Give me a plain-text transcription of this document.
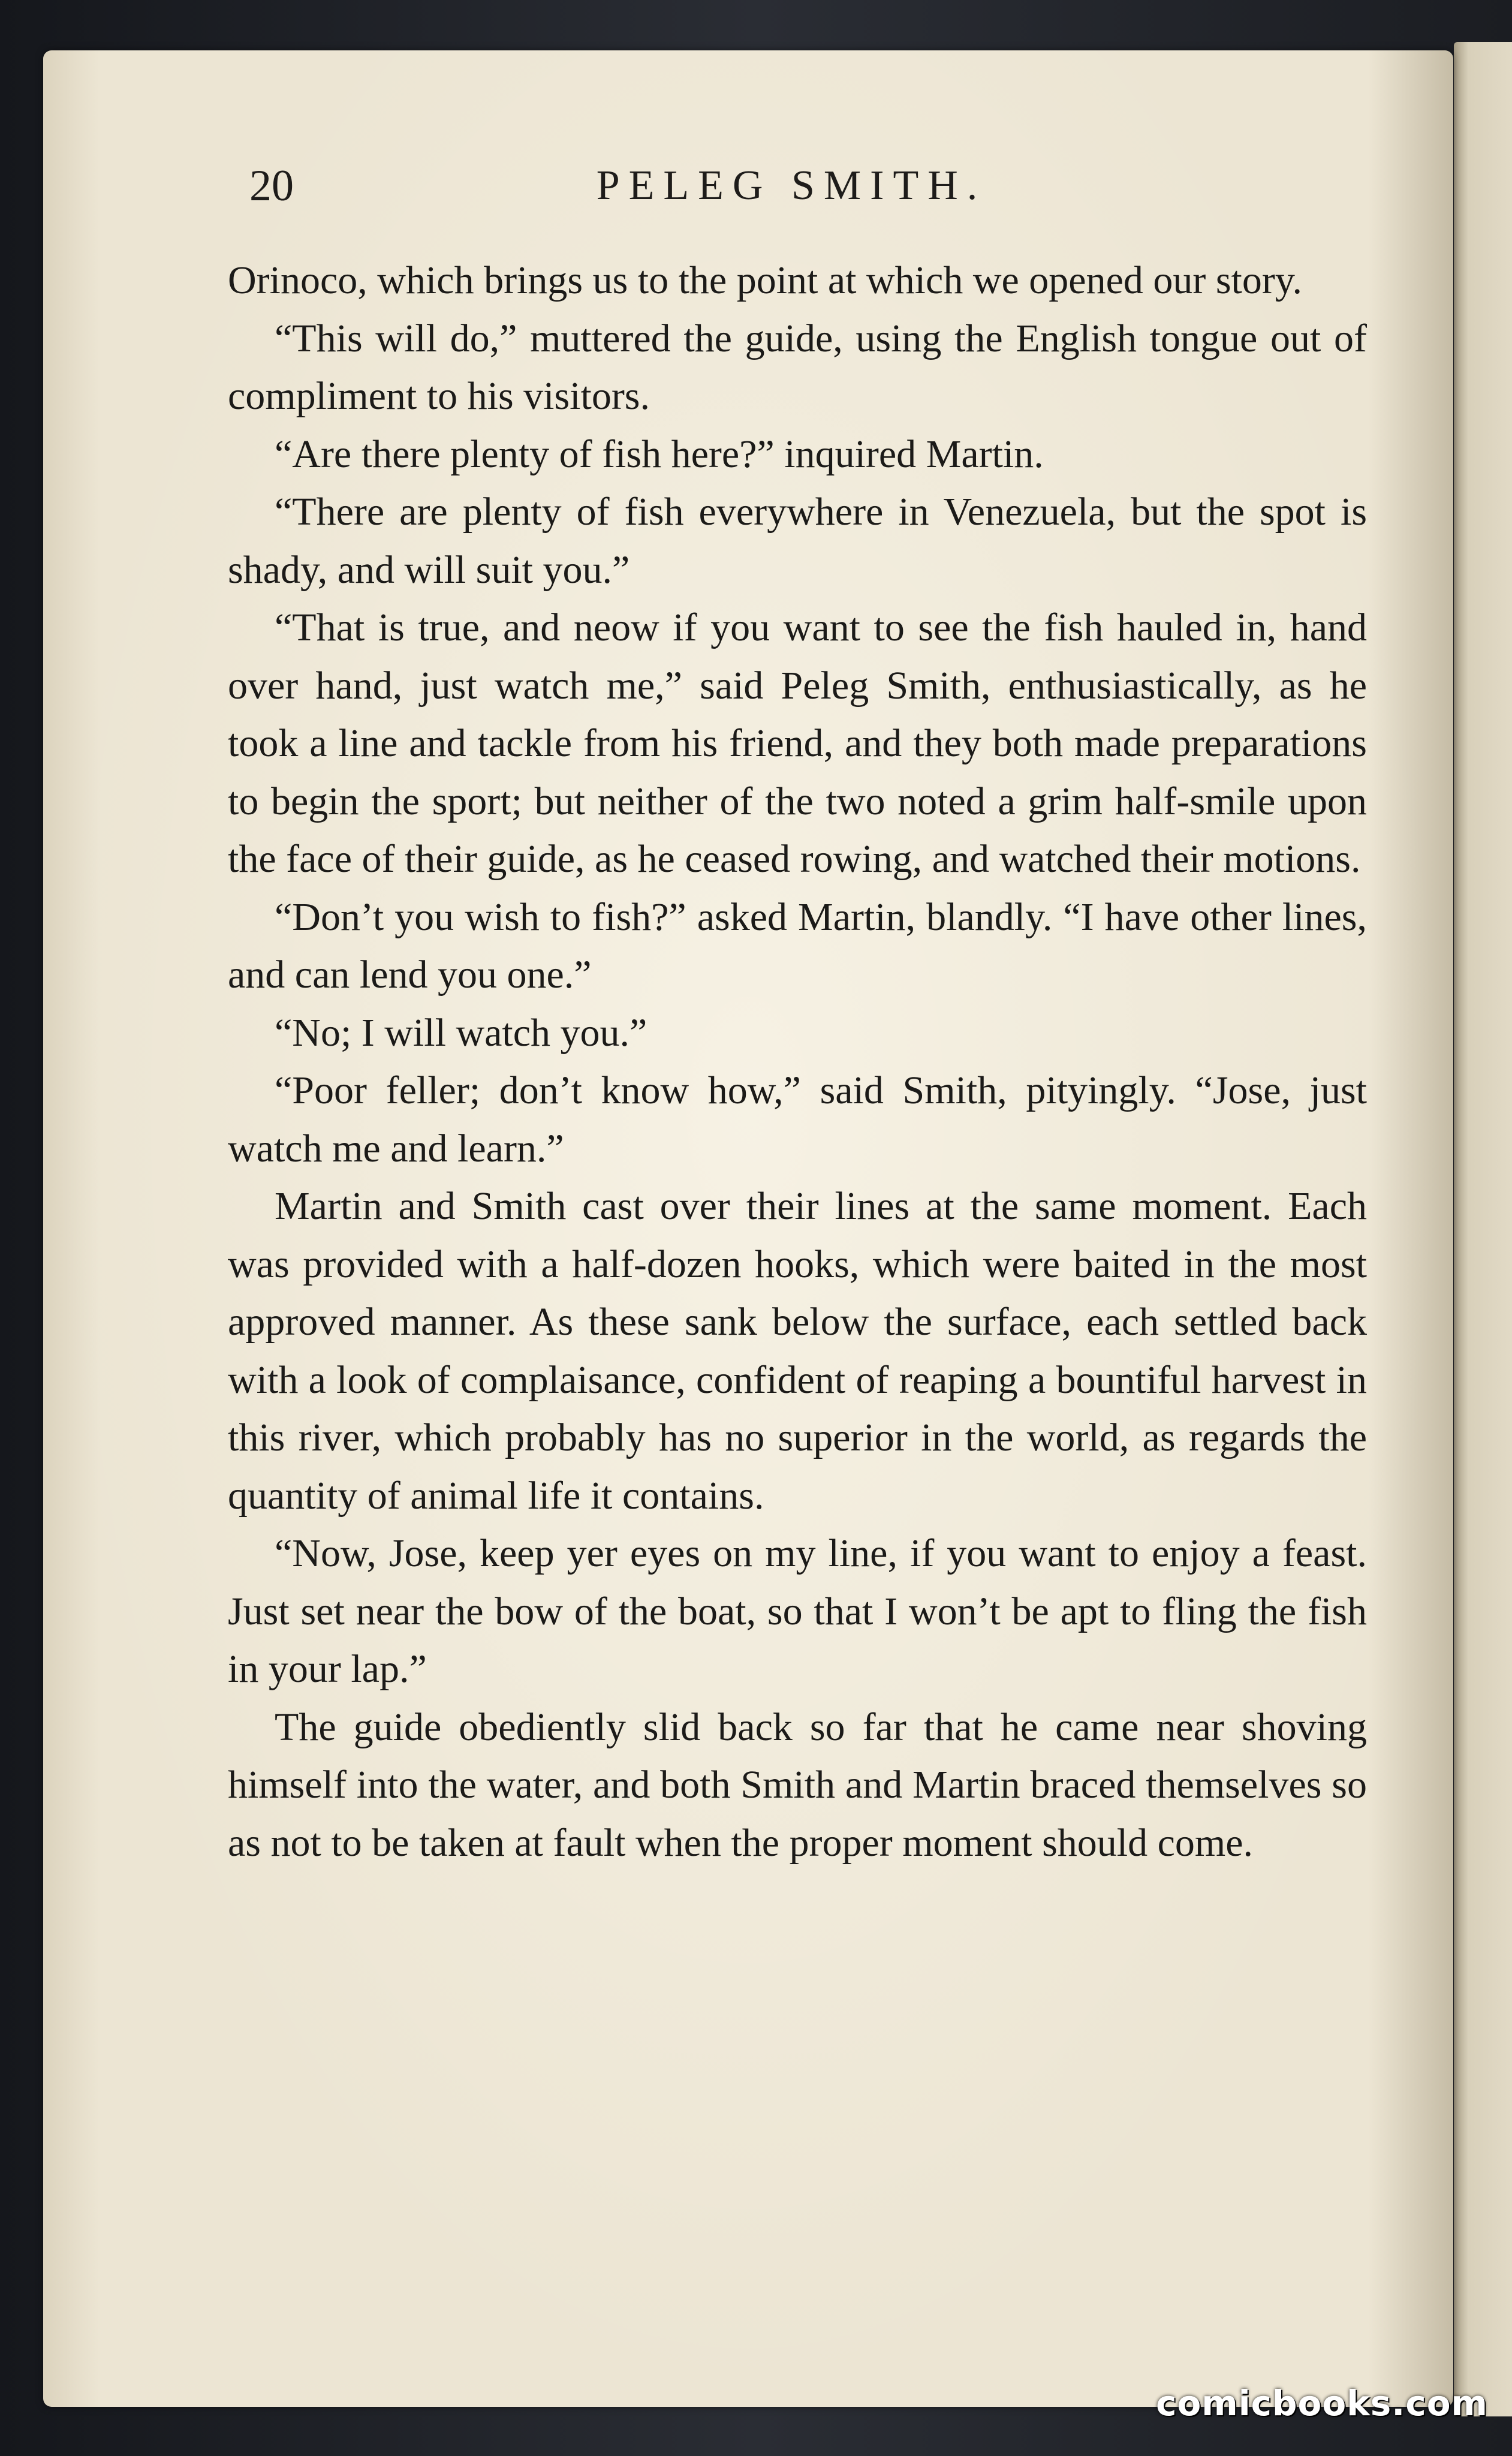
20	PELEG SMITH.

Orinoco, which brings us to the point at which we opened our story.

“This will do,” muttered the guide, using the English tongue out of compliment to his visitors.

“Are there plenty of fish here?” inquired Martin.

“There are plenty of fish everywhere in Venezuela, but the spot is shady, and will suit you.”

“That is true, and neow if you want to see the fish hauled in, hand over hand, just watch me,” said Peleg Smith, enthusiastically, as he took a line and tackle from his friend, and they both made preparations to begin the sport; but neither of the two noted a grim half-smile upon the face of their guide, as he ceased rowing, and watched their motions.

“Don’t you wish to fish?” asked Martin, blandly. “I have other lines, and can lend you one.”

“No; I will watch you.”

“Poor feller; don’t know how,” said Smith, pityingly. “Jose, just watch me and learn.”

Martin and Smith cast over their lines at the same moment. Each was provided with a half-dozen hooks, which were baited in the most approved manner. As these sank below the surface, each settled back with a look of complaisance, confident of reaping a bountiful harvest in this river, which probably has no superior in the world, as regards the quantity of animal life it contains.

“Now, Jose, keep yer eyes on my line, if you want to enjoy a feast. Just set near the bow of the boat, so that I won’t be apt to fling the fish in your lap.”

The guide obediently slid back so far that he came near shoving himself into the water, and both Smith and Martin braced themselves so as not to be taken at fault when the proper moment should come.

comicbooks.com
